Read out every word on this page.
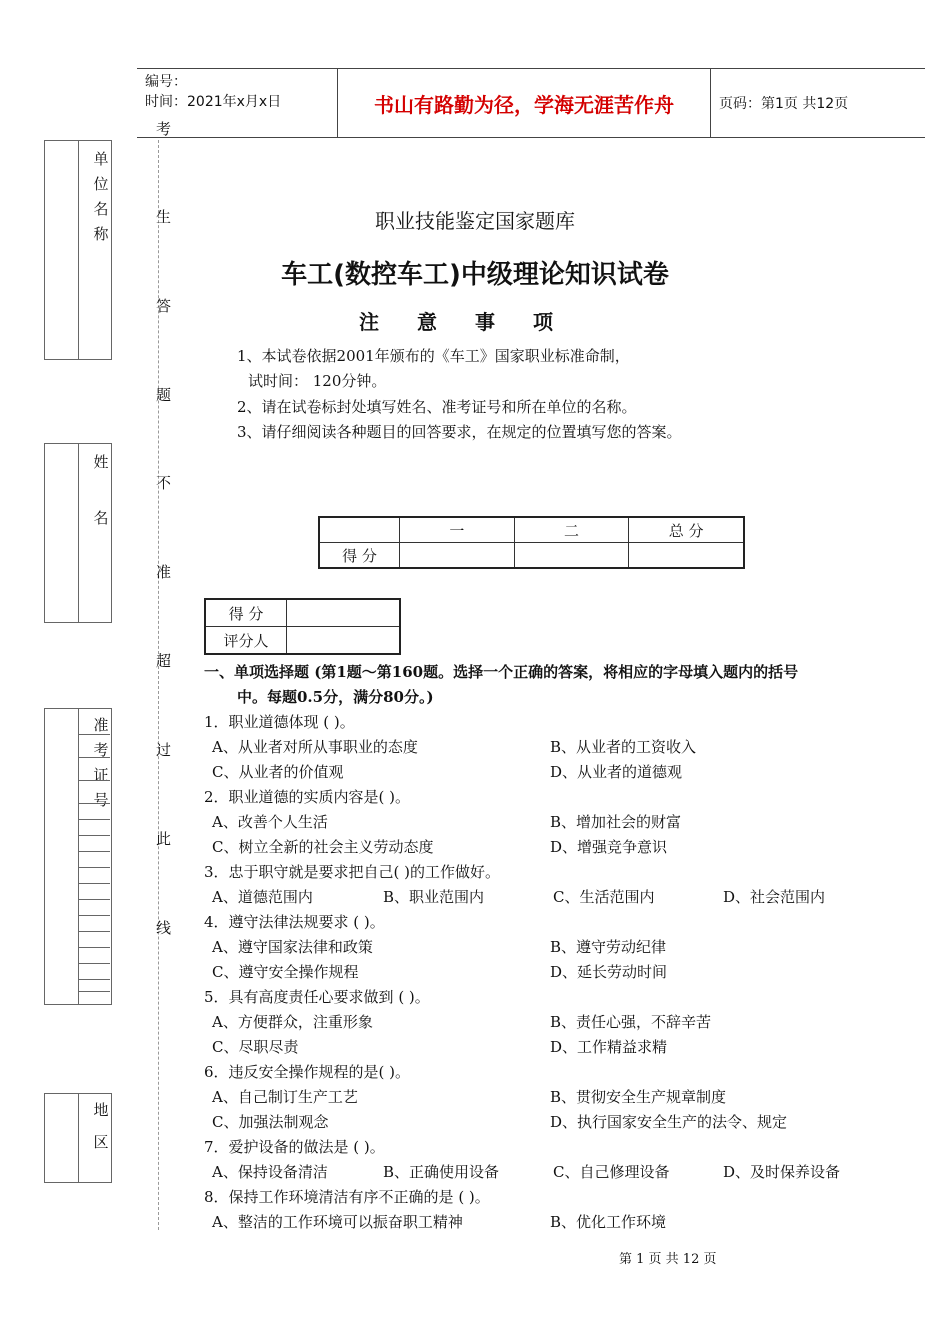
编号：
时间：2021年x月x日	书山有路勤为径，学海无涯苦作舟	页码：第1页 共12页
单
位
名
称
姓
名
准
考
证
号
地
区
考
生
答
题
不
准
超
过
此
线
职业技能鉴定国家题库
车工(数控车工)中级理论知识试卷
注意事项
1、本试卷依据2001年颁布的《车工》国家职业标准命制，
试时间： 120分钟。
2、请在试卷标封处填写姓名、准考证号和所在单位的名称。
3、请仔细阅读各种题目的回答要求，在规定的位置填写您的答案。
	一	二	总 分
得 分			
得 分	
评分人	
一、单项选择题 (第1题～第160题。选择一个正确的答案，将相应的字母填入题内的括号
中。每题0.5分，满分80分。)
1．职业道德体现 ( )。
A、从业者对所从事职业的态度	B、从业者的工资收入
C、从业者的价值观	D、从业者的道德观
2．职业道德的实质内容是( )。
A、改善个人生活	B、增加社会的财富
C、树立全新的社会主义劳动态度	D、增强竞争意识
3．忠于职守就是要求把自己( )的工作做好。
A、道德范围内	B、职业范围内	C、生活范围内	D、社会范围内
4．遵守法律法规要求 ( )。
A、遵守国家法律和政策	B、遵守劳动纪律
C、遵守安全操作规程	D、延长劳动时间
5．具有高度责任心要求做到 ( )。
A、方便群众，注重形象	B、责任心强，不辞辛苦
C、尽职尽责	D、工作精益求精
6．违反安全操作规程的是( )。
A、自己制订生产工艺	B、贯彻安全生产规章制度
C、加强法制观念	D、执行国家安全生产的法令、规定
7．爱护设备的做法是 ( )。
A、保持设备清洁	B、正确使用设备	C、自己修理设备	D、及时保养设备
8．保持工作环境清洁有序不正确的是 ( )。
A、整洁的工作环境可以振奋职工精神	B、优化工作环境
第 1 页 共 12 页
